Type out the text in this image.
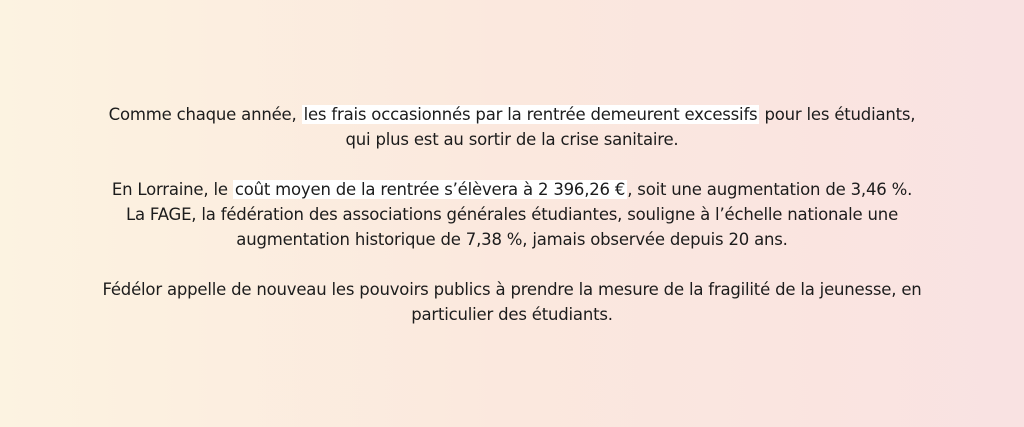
Comme chaque année, les frais occasionnés par la rentrée demeurent excessifs pour les étudiants, qui plus est au sortir de la crise sanitaire.

En Lorraine, le coût moyen de la rentrée s’élèvera à 2 396,26 € , soit une augmentation de 3,46 %. La FAGE, la fédération des associations générales étudiantes, souligne à l’échelle nationale une augmentation historique de 7,38 %, jamais observée depuis 20 ans.

Fédélor appelle de nouveau les pouvoirs publics à prendre la mesure de la fragilité de la jeunesse, en particulier des étudiants.
